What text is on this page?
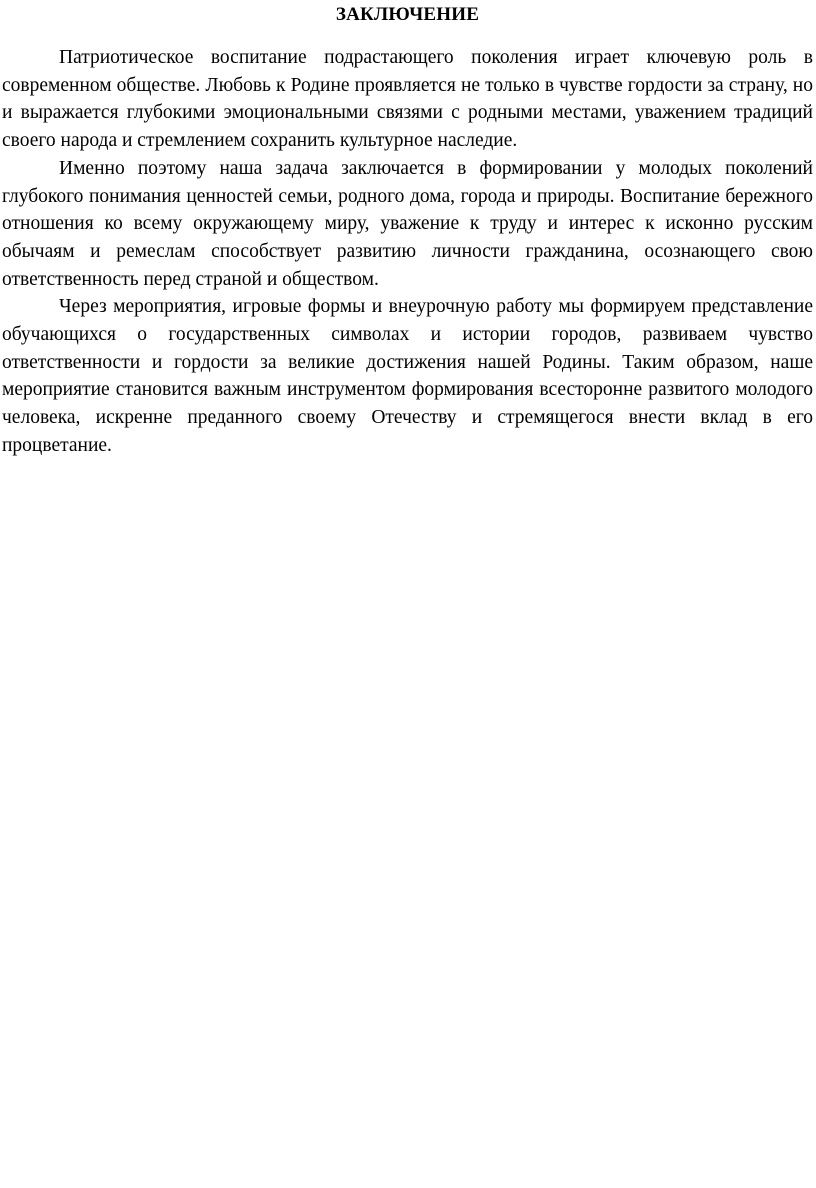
ЗАКЛЮЧЕНИЕ

Патриотическое воспитание подрастающего поколения играет ключевую роль в современном обществе. Любовь к Родине проявляется не только в чувстве гордости за страну, но и выражается глубокими эмоциональными связями с родными местами, уважением традиций своего народа и стремлением сохранить культурное наследие.

Именно поэтому наша задача заключается в формировании у молодых поколений глубокого понимания ценностей семьи, родного дома, города и природы. Воспитание бережного отношения ко всему окружающему миру, уважение к труду и интерес к исконно русским обычаям и ремеслам способствует развитию личности гражданина, осознающего свою ответственность перед страной и обществом.

Через мероприятия, игровые формы и внеурочную работу мы формируем представление обучающихся о государственных символах и истории городов, развиваем чувство ответственности и гордости за великие достижения нашей Родины. Таким образом, наше мероприятие становится важным инструментом формирования всесторонне развитого молодого человека, искренне преданного своему Отечеству и стремящегося внести вклад в его процветание.
